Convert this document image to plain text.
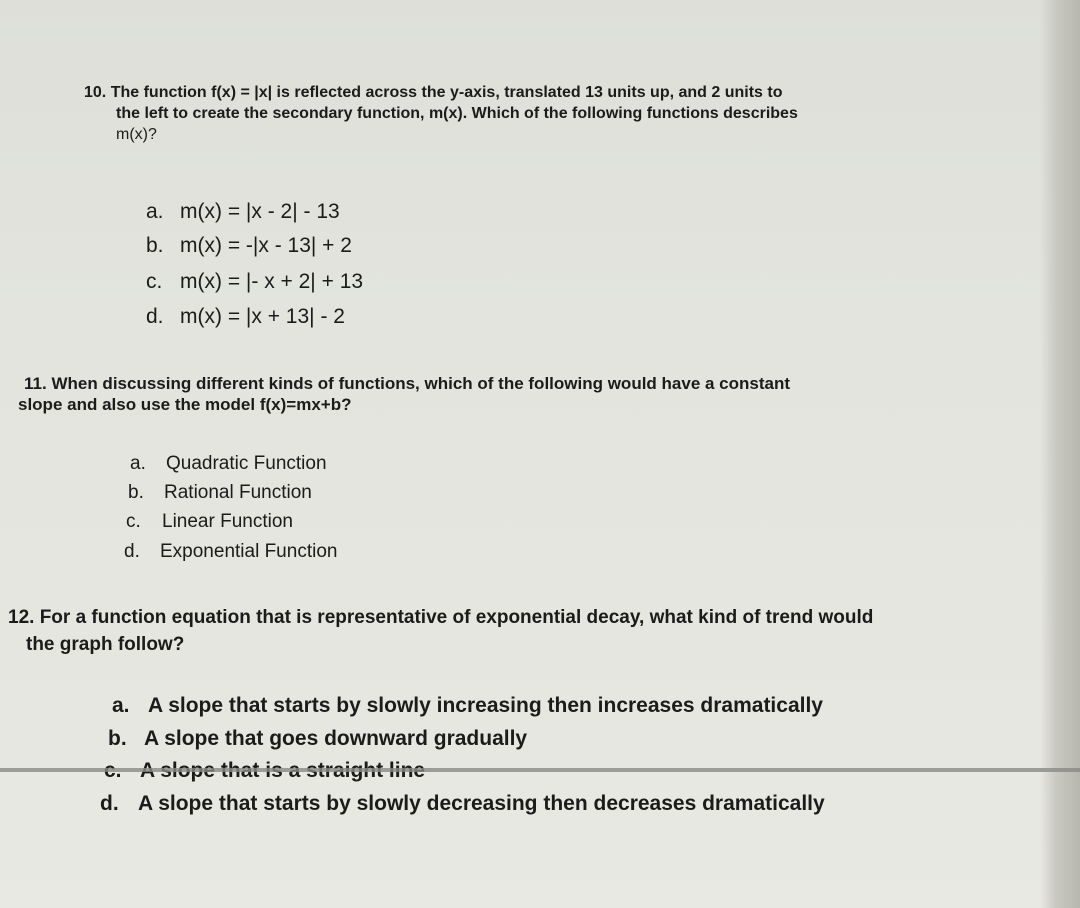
10. The function f(x) = |x| is reflected across the y-axis, translated 13 units up, and 2 units to
the left to create the secondary function, m(x). Which of the following functions describes
m(x)?
a. m(x) = |x - 2| - 13
b. m(x) = -|x - 13| + 2
c. m(x) = |- x + 2| + 13
d. m(x) = |x + 13| - 2
11. When discussing different kinds of functions, which of the following would have a constant
slope and also use the model f(x)=mx+b?
a.	Quadratic Function
b.	Rational Function
c.	Linear Function
d.	Exponential Function
12. For a function equation that is representative of exponential decay, what kind of trend would
the graph follow?
a. A slope that starts by slowly increasing then increases dramatically
b. A slope that goes downward gradually
d. A slope that starts by slowly decreasing then decreases dramatically
